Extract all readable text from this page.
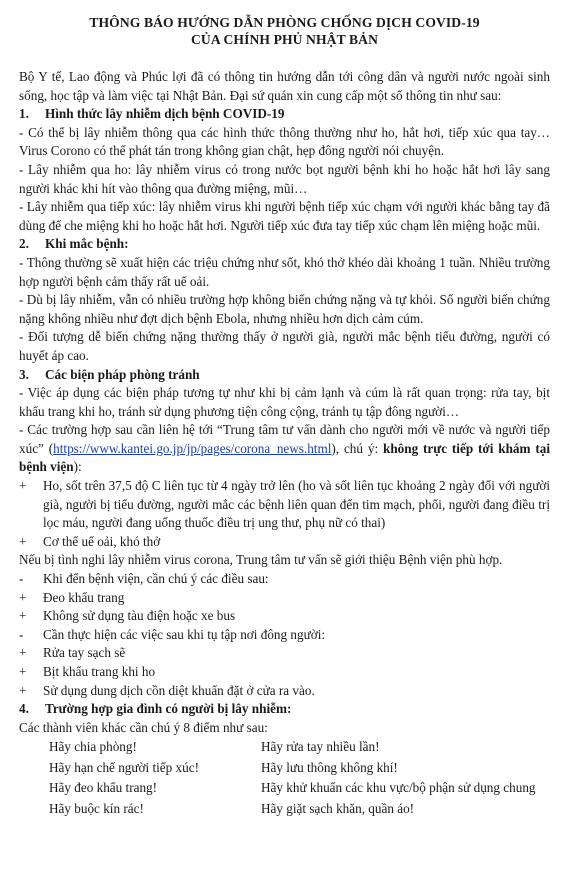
THÔNG BÁO HƯỚNG DẪN PHÒNG CHỐNG DỊCH COVID-19
CỦA CHÍNH PHỦ NHẬT BẢN

Bộ Y tế, Lao động và Phúc lợi đã có thông tin hướng dẫn tới công dân và người nước ngoài sinh sống, học tập và làm việc tại Nhật Bản. Đại sứ quán xin cung cấp một số thông tin như sau:

1. Hình thức lây nhiễm dịch bệnh COVID-19

- Có thể bị lây nhiễm thông qua các hình thức thông thường như ho, hắt hơi, tiếp xúc qua tay… Virus Corono có thể phát tán trong không gian chật, hẹp đông người nói chuyện.

- Lây nhiễm qua ho: lây nhiễm virus có trong nước bọt người bệnh khi ho hoặc hắt hơi lây sang người khác khi hít vào thông qua đường miệng, mũi…

- Lây nhiễm qua tiếp xúc: lây nhiễm virus khi người bệnh tiếp xúc chạm với người khác bằng tay đã dùng để che miệng khi ho hoặc hắt hơi. Người tiếp xúc đưa tay tiếp xúc chạm lên miệng hoặc mũi.

2. Khi mắc bệnh:

- Thông thường sẽ xuất hiện các triệu chứng như sốt, khó thở khéo dài khoảng 1 tuần. Nhiều trường hợp người bệnh cảm thấy rất uể oải.

- Dù bị lây nhiễm, vẫn có nhiều trường hợp không biến chứng nặng và tự khỏi. Số người biến chứng nặng không nhiều như đợt dịch bệnh Ebola, nhưng nhiều hơn dịch cảm cúm.

- Đối tượng dễ biến chứng nặng thường thấy ở người già, người mắc bệnh tiểu đường, người có huyết áp cao.

3. Các biện pháp phòng tránh

- Việc áp dụng các biện pháp tương tự như khi bị cảm lạnh và cúm là rất quan trọng: rửa tay, bịt khẩu trang khi ho, tránh sử dụng phương tiện công cộng, tránh tụ tập đông người…

- Các trường hợp sau cần liên hệ tới “Trung tâm tư vấn dành cho người mới về nước và người tiếp xúc” (https://www.kantei.go.jp/jp/pages/corona_news.html), chú ý: không trực tiếp tới khám tại bệnh viện):

+ Ho, sốt trên 37,5 độ C liên tục từ 4 ngày trở lên (ho và sốt liên tục khoảng 2 ngày đối với người già, người bị tiểu đường, người mắc các bệnh liên quan đến tim mạch, phổi, người đang điều trị lọc máu, người đang uống thuốc điều trị ung thư, phụ nữ có thai)

+ Cơ thể uể oải, khó thở

Nếu bị tình nghi lây nhiễm virus corona, Trung tâm tư vấn sẽ giới thiệu Bệnh viện phù hợp.

- Khi đến bệnh viện, cần chú ý các điều sau:

+ Đeo khẩu trang

+ Không sử dụng tàu điện hoặc xe bus

- Cần thực hiện các việc sau khi tụ tập nơi đông người:

+ Rửa tay sạch sẽ

+ Bịt khẩu trang khi ho

+ Sử dụng dung dịch cồn diệt khuẩn đặt ở cửa ra vào.

4. Trường hợp gia đình có người bị lây nhiễm:

Các thành viên khác cần chú ý 8 điểm như sau:

Hãy chia phòng!	Hãy rửa tay nhiều lần!
Hãy hạn chế người tiếp xúc!	Hãy lưu thông không khí!
Hãy đeo khẩu trang!	Hãy khử khuẩn các khu vực/bộ phận sử dụng chung
Hãy buộc kín rác!	Hãy giặt sạch khăn, quần áo!
